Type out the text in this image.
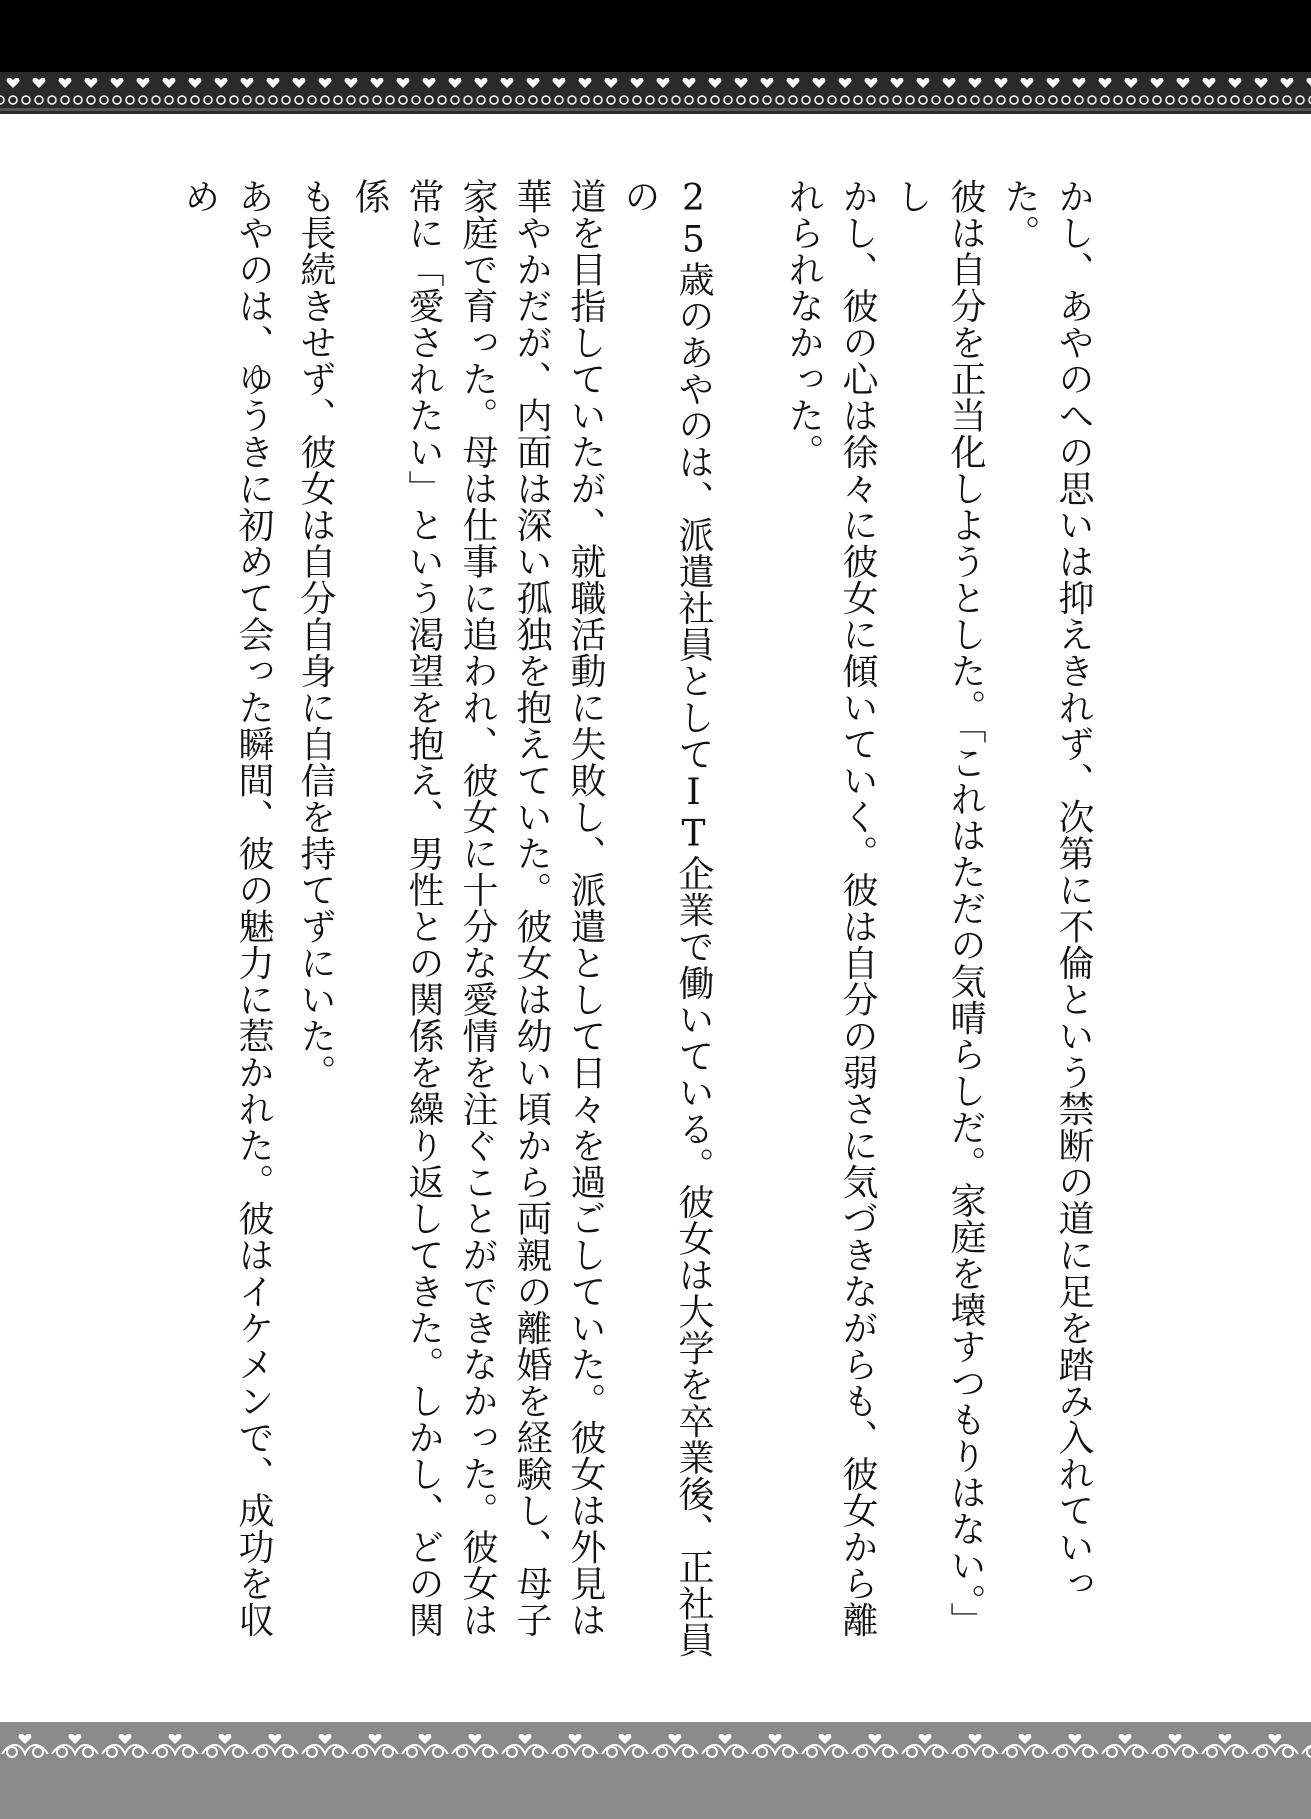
かし、あやのへの思いは抑えきれず、次第に不倫という禁断の道に足を踏み入れていった。
彼は自分を正当化しようとした。「これはただの気晴らしだ。家庭を壊すつもりはない。」し
かし、彼の心は徐々に彼女に傾いていく。彼は自分の弱さに気づきながらも、彼女から離
れられなかった。
25歳のあやのは、派遣社員としてIT企業で働いている。彼女は大学を卒業後、正社員の
道を目指していたが、就職活動に失敗し、派遣として日々を過ごしていた。彼女は外見は
華やかだが、内面は深い孤独を抱えていた。彼女は幼い頃から両親の離婚を経験し、母子
家庭で育った。母は仕事に追われ、彼女に十分な愛情を注ぐことができなかった。彼女は
常に「愛されたい」という渇望を抱え、男性との関係を繰り返してきた。しかし、どの関係
も長続きせず、彼女は自分自身に自信を持てずにいた。
あやのは、ゆうきに初めて会った瞬間、彼の魅力に惹かれた。彼はイケメンで、成功を収め
